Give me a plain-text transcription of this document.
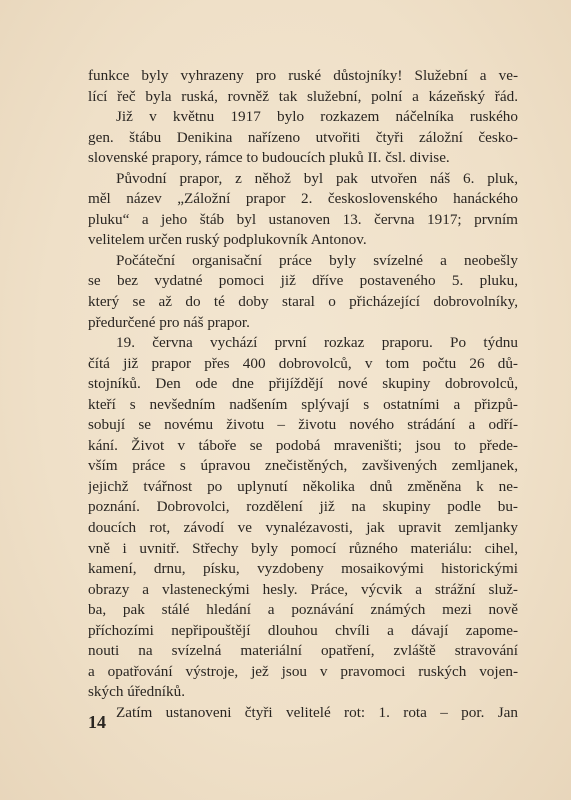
funkce byly vyhrazeny pro ruské důstojníky! Služební a ve-
lící řeč byla ruská, rovněž tak služební, polní a kázeňský řád.
Již v květnu 1917 bylo rozkazem náčelníka ruského
gen. štábu Denikina nařízeno utvořiti čtyři záložní česko-
slovenské prapory, rámce to budoucích pluků II. čsl. divise.
Původní prapor, z něhož byl pak utvořen náš 6. pluk,
měl název „Záložní prapor 2. československého hanáckého
pluku“ a jeho štáb byl ustanoven 13. června 1917; prvním
velitelem určen ruský podplukovník Antonov.
Počáteční organisační práce byly svízelné a neobešly
se bez vydatné pomoci již dříve postaveného 5. pluku,
který se až do té doby staral o přicházející dobrovolníky,
předurčené pro náš prapor.
19. června vychází první rozkaz praporu. Po týdnu
čítá již prapor přes 400 dobrovolců, v tom počtu 26 dů-
stojníků. Den ode dne přijíždějí nové skupiny dobrovolců,
kteří s nevšedním nadšením splývají s ostatními a přizpů-
sobují se novému životu – životu nového strádání a odří-
kání. Život v táboře se podobá mraveništi; jsou to přede-
vším práce s úpravou znečistěných, zavšivených zemljanek,
jejichž tvářnost po uplynutí několika dnů změněna k ne-
poznání. Dobrovolci, rozdělení již na skupiny podle bu-
doucích rot, závodí ve vynalézavosti, jak upravit zemljanky
vně i uvnitř. Střechy byly pomocí různého materiálu: cihel,
kamení, drnu, písku, vyzdobeny mosaikovými historickými
obrazy a vlasteneckými hesly. Práce, výcvik a strážní služ-
ba, pak stálé hledání a poznávání známých mezi nově
příchozími nepřipouštějí dlouhou chvíli a dávají zapome-
nouti na svízelná materiální opatření, zvláště stravování
a opatřování výstroje, jež jsou v pravomoci ruských vojen-
ských úředníků.
Zatím ustanoveni čtyři velitelé rot: 1. rota – por. Jan
14
